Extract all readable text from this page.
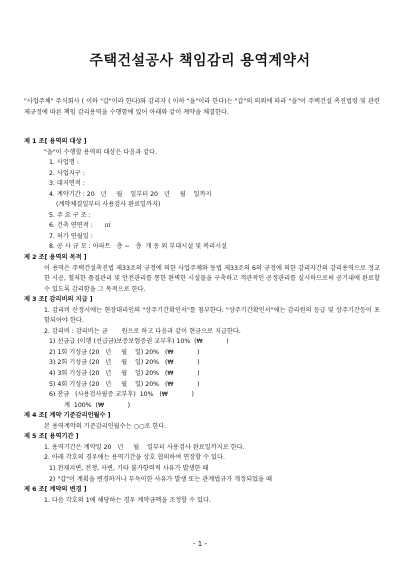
주택건설공사 책임감리 용역계약서
"사업주체" 주식회사 ( 이하 "갑"이라 한다)와 감리자 ( 이하 "을"이라 한다)는 "갑"의 의뢰에 따라 "을"이 주택건설 촉진법령 및 관련 제규정에 따른 책임 감리용역을 수행함에 있어 아래와 같이 계약을 체결한다.
제 1 조[ 용역의 대상 ]
"을"이 수행할 용역의 대상은 다음과 같다.
1. 사업명 :
2. 사업지구 :
3. 대지면적 :
4. 계약기간 : 20   년     월    일부터 20   년     월    일까지
(계약체결일부터 사용검사 완료일까지)
5. 주 요 구 조 :
6. 건축 연면적 :      ㎡
7. 허가 연월일 :
8. 공 사 규 모 : 아파트   층 ~   층  개 동 외 부대시설 및 복리시설
제 2 조[ 용역의 목적 ]
이 용역은 주택건설촉진법 제33조의 규정에 의한 사업주체와 동법 제33조의 6의 규정에 의한 감리자간의 감리용역으로 정교한 시공, 철저한 품질관리 및 안전관리를 통한 완벽한 시설물을 구축하고 객관적인 공정관리를 실시하므로써 공기내에 완료할 수 있도록 감리함을 그 목적으로 한다.
제 3 조[ 감리비의 지급 ]
1. 감리비 산정시에는 현장대리인의 "상주기간확인서"를 첨부한다. "상주기간확인서"에는 감리원의 등급 및 상주기간등이 포함되어야 한다.
2. 감리비 : 감리비는 금       원으로 하고 다음과 같이 현금으로 지급한다.
1) 선금급 (이행 (선급금)보증보험증권 교부후) 10%  (₩            )
2) 1회 기성금 (20   년     월    일) 20%   (₩            )
3) 2회 기성금 (20   년     월    일) 20%   (₩            )
4) 3회 기성금 (20   년     월    일) 20%   (₩            )
5) 4회 기성금 (20   년     월    일) 20%   (₩            )
6) 잔금   (사용검사필증 교부후)  10%   (₩            )
계  100%  (₩            )
제 4 조[ 계약 기준감리인월수 ]
본 용역계약의 기준감리인월수는 ○○로 한다.
제 5 조[ 용역기간 ]
1. 용역기간은 계약일 20   년     월    일부터 사용검사 완료일까지로 한다.
2. 아래 각호의 경우에는 용역기간을 상호 협의하여 연장할 수 있다.
1) 천재지변, 전쟁, 사변, 기타 불가항력적 사유가 발생한 때
2) "갑"이 계획을 변경하거나 부득이한 사유가 발생 또는 관계법규가 개정되었을 때
제 6 조[ 계약의 변경 ]
1. 다음 각호의 1에 해당하는 경우 계약금액을 조정할 수 있다.
- 1 -
